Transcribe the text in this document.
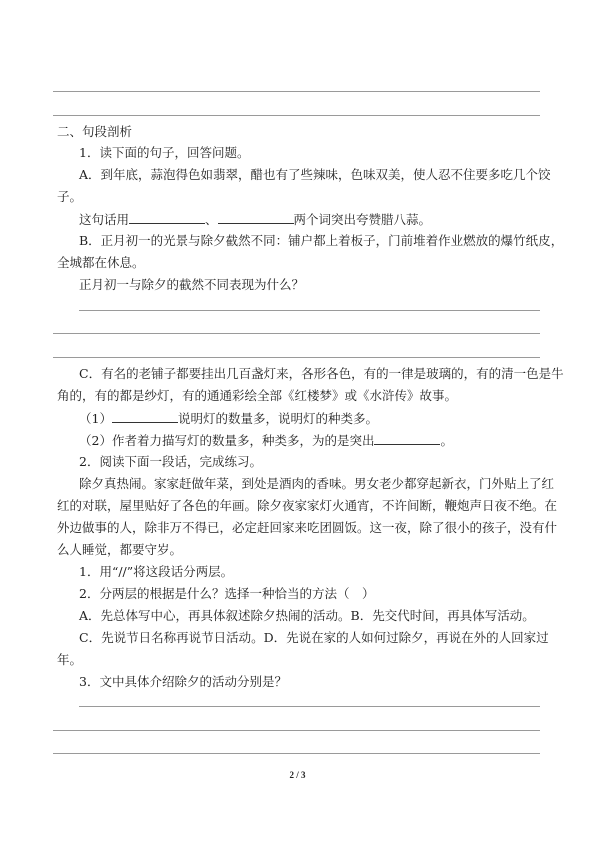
二、句段剖析
1．读下面的句子，回答问题。
A．到年底，蒜泡得色如翡翠，醋也有了些辣味，色味双美，使人忍不住要多吃几个饺
子。
这句话用	、	两个词突出夸赞腊八蒜。
B．正月初一的光景与除夕截然不同：铺户都上着板子，门前堆着作业燃放的爆竹纸皮，
全城都在休息。
正月初一与除夕的截然不同表现为什么？
C．有名的老铺子都要挂出几百盏灯来，各形各色，有的一律是玻璃的，有的清一色是牛
角的，有的都是纱灯，有的通通彩绘全部《红楼梦》或《水浒传》故事。
（1）	说明灯的数量多，说明灯的种类多。
（2）作者着力描写灯的数量多，种类多，为的是突出	。
2．阅读下面一段话，完成练习。
除夕真热闹。家家赶做年菜，到处是酒肉的香味。男女老少都穿起新衣，门外贴上了红
红的对联，屋里贴好了各色的年画。除夕夜家家灯火通宵，不许间断，鞭炮声日夜不绝。在
外边做事的人，除非万不得已，必定赶回家来吃团圆饭。这一夜，除了很小的孩子，没有什
么人睡觉，都要守岁。
1．用“//”将这段话分两层。
2．分两层的根据是什么？选择一种恰当的方法（　）
A．先总体写中心，再具体叙述除夕热闹的活动。B．先交代时间，再具体写活动。
C．先说节日名称再说节日活动。D．先说在家的人如何过除夕，再说在外的人回家过
年。
3．文中具体介绍除夕的活动分别是？
2 / 3
